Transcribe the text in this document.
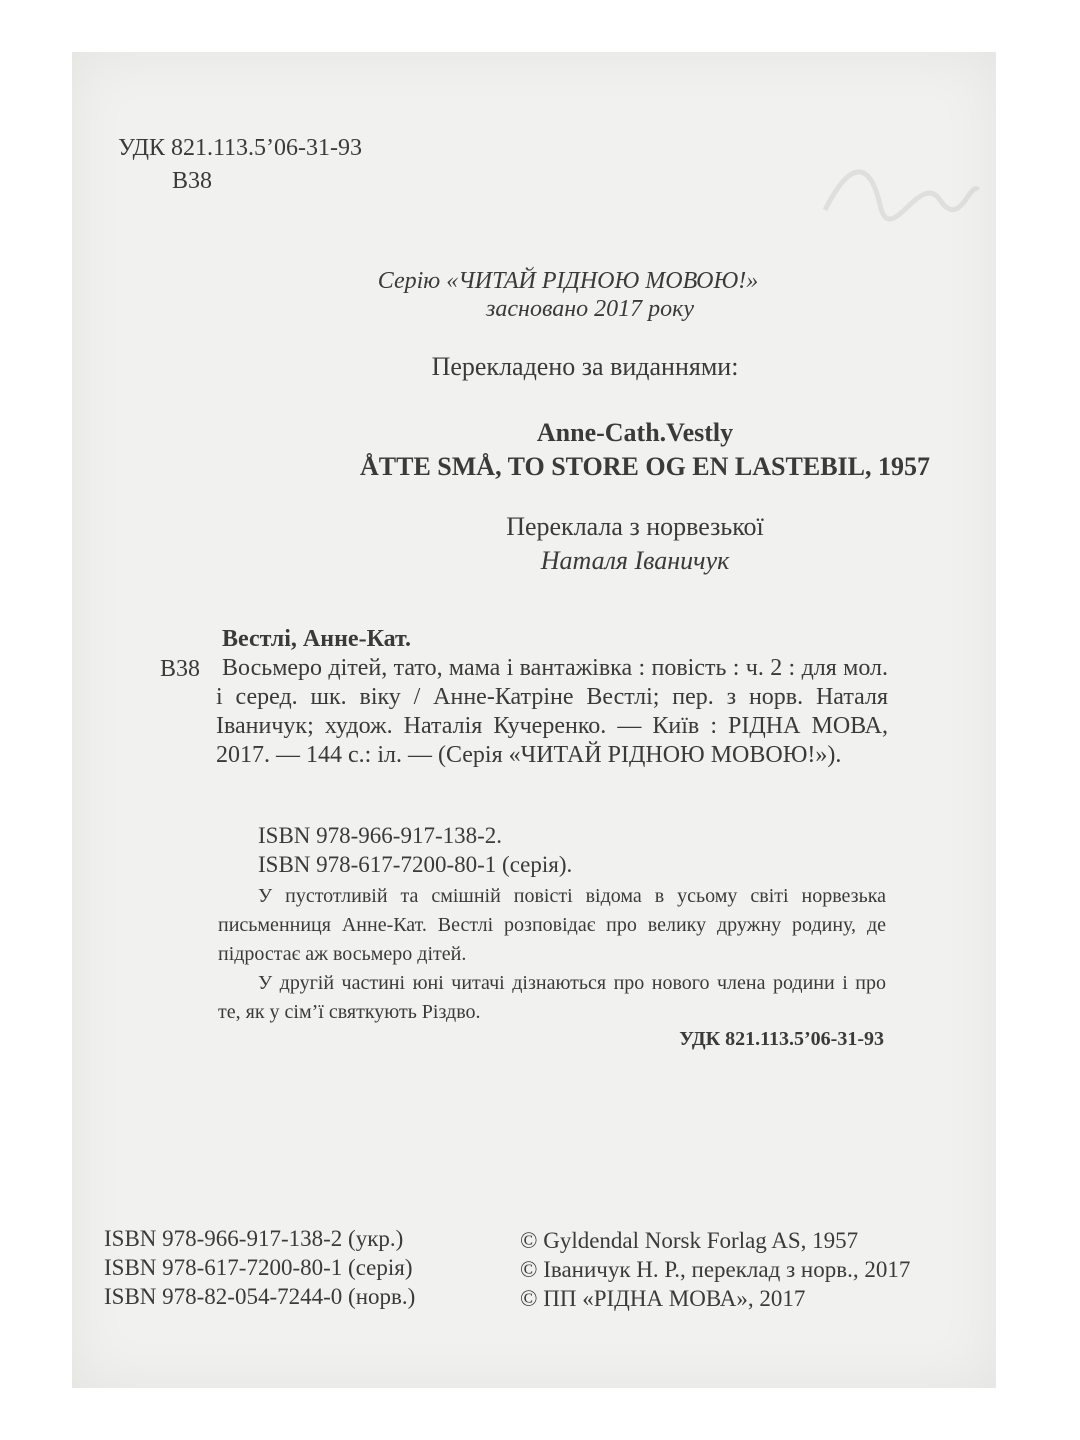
УДК 821.113.5’06-31-93
В38
Серію «ЧИТАЙ РІДНОЮ МОВОЮ!»
засновано 2017 року
Перекладено за виданнями:
Anne-Cath.Vestly
ÅTTE SMÅ, TO STORE OG EN LASTEBIL, 1957
Переклала з норвезької
Наталя Іваничук
Вестлі, Анне-Кат.
В38 Восьмеро дітей, тато, мама і вантажівка : повість : ч. 2 : для мол. і серед. шк. віку / Анне-Катріне Вестлі; пер. з норв. Наталя Іваничук; худож. Наталія Кучеренко. — Київ : РІДНА МОВА, 2017. — 144 с.: іл. — (Серія «ЧИТАЙ РІДНОЮ МОВОЮ!»).
ISBN 978-966-917-138-2.
ISBN 978-617-7200-80-1 (серія).

У пустотливій та смішній повісті відома в усьому світі норвезька письменниця Анне-Кат. Вестлі розповідає про велику дружну родину, де підростає аж восьмеро дітей.

У другій частині юні читачі дізнаються про нового члена родини і про те, як у сім’ї святкують Різдво.

УДК 821.113.5’06-31-93
ISBN 978-966-917-138-2 (укр.)
ISBN 978-617-7200-80-1 (серія)
ISBN 978-82-054-7244-0 (норв.)
© Gyldendal Norsk Forlag AS, 1957
© Іваничук Н. Р., переклад з норв., 2017
© ПП «РІДНА МОВА», 2017
